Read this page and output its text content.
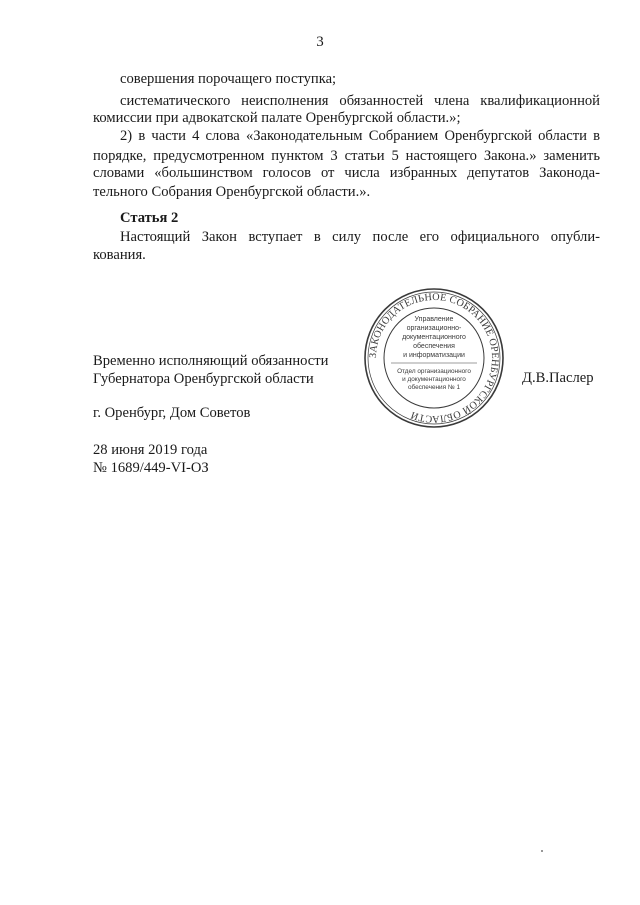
3
совершения порочащего поступка;
систематического неисполнения обязанностей члена квалификационной
комиссии при адвокатской палате Оренбургской области.»;
2) в части 4 слова «Законодательным Собранием Оренбургской области в
порядке, предусмотренном пунктом 3 статьи 5 настоящего Закона.» заменить
словами «большинством голосов от числа избранных депутатов Законода-
тельного Собрания Оренбургской области.».
Статья 2
Настоящий Закон вступает в силу после его официального опубли-
кования.
Временно исполняющий обязанности
Губернатора Оренбургской области	Д.В.Паслер
г. Оренбург, Дом Советов
28 июня 2019 года
№ 1689/449-VI-ОЗ
ЗАКОНОДАТЕЛЬНОЕ СОБРАНИЕ ОРЕНБУРГСКОЙ ОБЛАСТИ
Управление
организационно-
документационного
обеспечения
и информатизации
Отдел организационного
и документационного
обеспечения № 1
